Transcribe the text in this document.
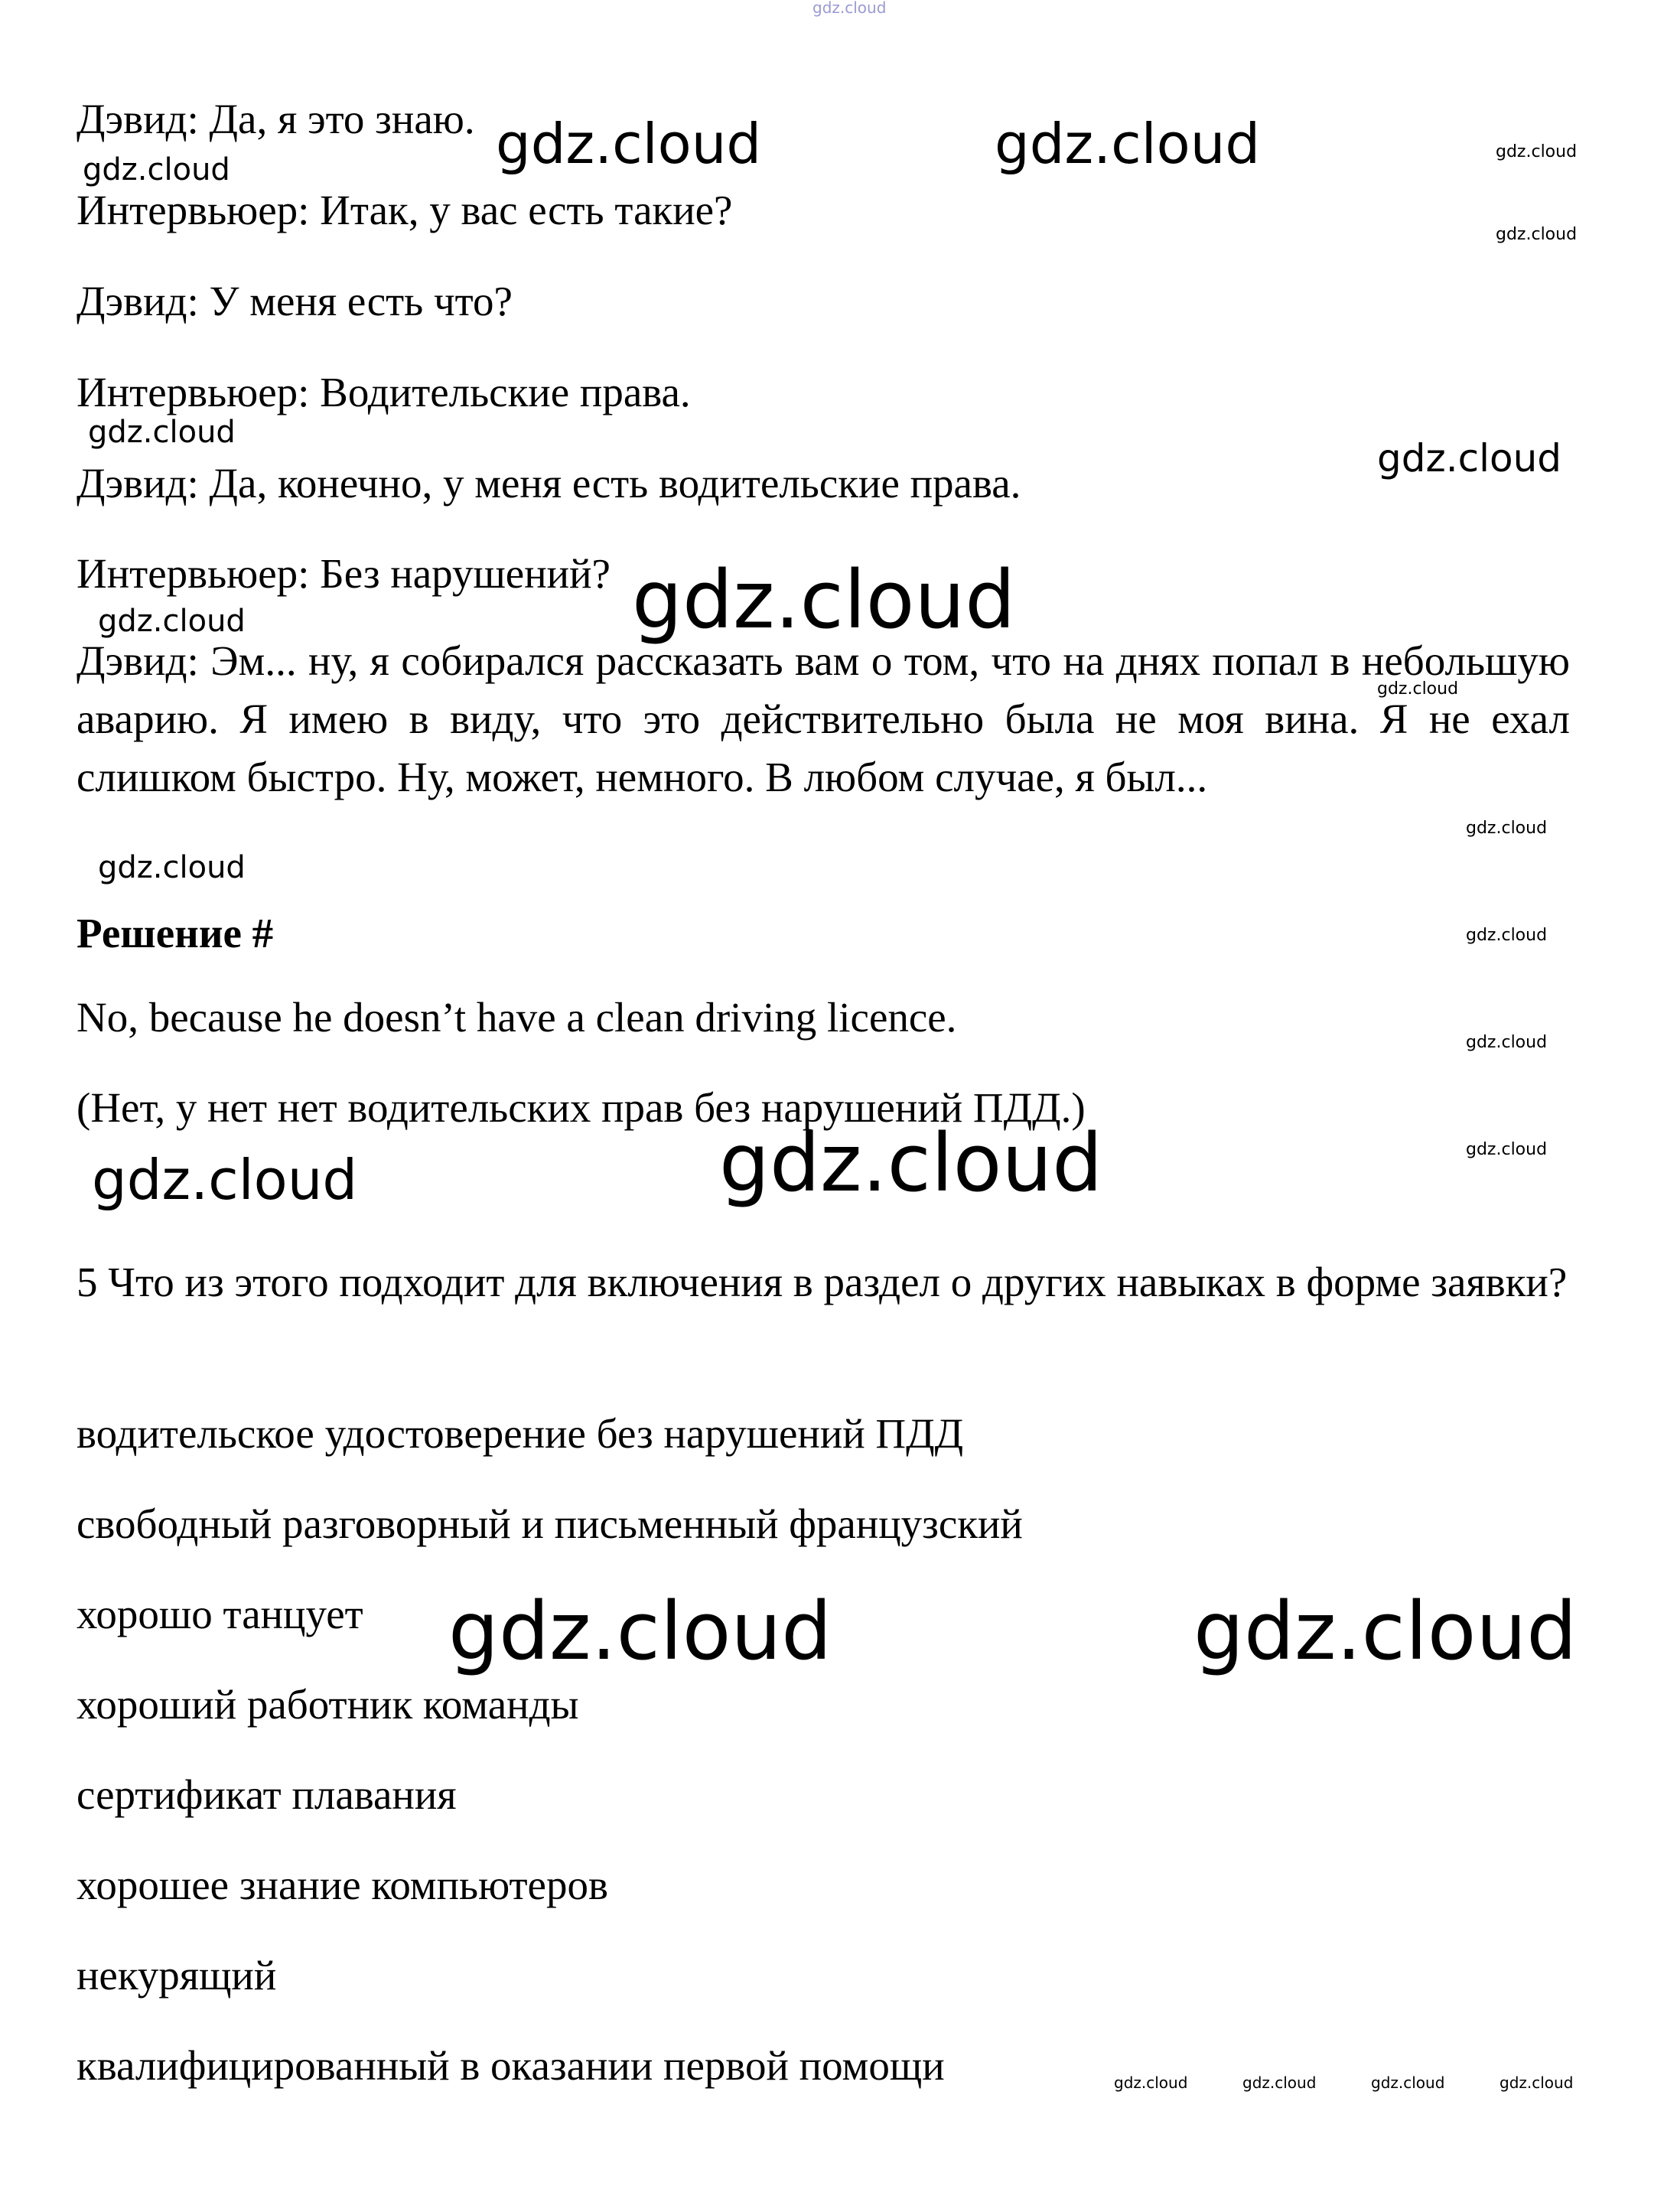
Дэвид: Да, я это знаю.
Интервьюер: Итак, у вас есть такие?
Дэвид: У меня есть что?
Интервьюер: Водительские права.
Дэвид: Да, конечно, у меня есть водительские права.
Интервьюер: Без нарушений?
Дэвид: Эм... ну, я собирался рассказать вам о том, что на днях попал в небольшую аварию. Я имею в виду, что это действительно была не моя вина. Я не ехал слишком быстро. Ну, может, немного. В любом случае, я был...
Решение #
No, because he doesn’t have a clean driving licence.
(Нет, у нет нет водительских прав без нарушений ПДД.)
5 Что из этого подходит для включения в раздел о других навыках в форме заявки?
водительское удостоверение без нарушений ПДД
свободный разговорный и письменный французский
хорошо танцует
хороший работник команды
сертификат плавания
хорошее знание компьютеров
некурящий
квалифицированный в оказании первой помощи
gdz.cloud
gdz.cloud	gdz.cloud
gdz.cloud
gdz.cloud
gdz.cloud
gdz.cloud
gdz.cloud
gdz.cloud	gdz.cloud
gdz.cloud
gdz.cloud
gdz.cloud
gdz.cloud
gdz.cloud
gdz.cloud
gdz.cloud	gdz.cloud
gdz.cloud	gdz.cloud
gdz.cloud	gdz.cloud	gdz.cloud	gdz.cloud
